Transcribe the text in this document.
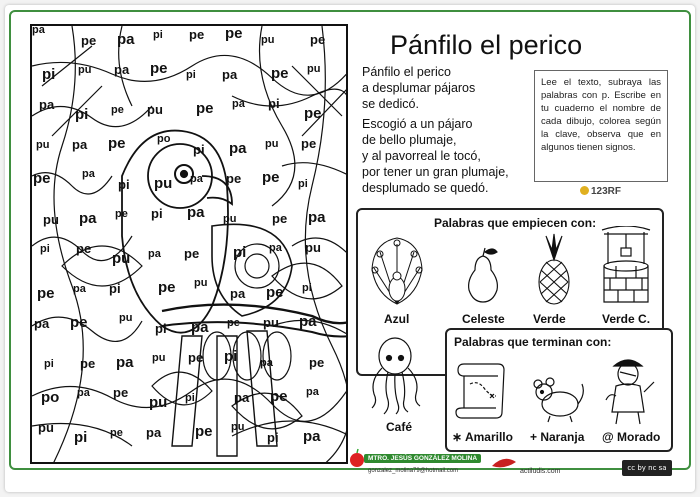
pa
pe pa pi pe pe pu	pe
pi pu pa pe pi pa pe pu
pa
pi pe pu pe pa pi
pe
pu pa pe	po
pi pa pu pe
pe	pa
pi pu pa pe pe pi
pu pa pe pi pa pu	pe pa
pi pe
pu pa pe pi pa pu
pe pa pi pe pu
pa pe pi
pa pe	pu
pi pa pe pu pa
pi pe pa pu pe pi pa	pe
po pa pe
pu pi	pa pe pa
pu
pi pe pa pe pu
pi pa
Pánfilo el perico
Pánfilo el perico
a desplumar pájaros
se dedicó.
Escogió a un pájaro
de bello plumaje,
y al pavorreal le tocó,
por tener un gran plumaje,
desplumado se quedó.
Lee el texto, subraya las palabras con p. Escribe en tu cuaderno el nombre de cada dibujo, colorea según la clave, observa que en algunos tienen signos.
123RF
Palabras que empiecen con:
Azul	Celeste Verde	Verde C.
Café
Palabras que terminan con:
∗ Amarillo + Naranja @ Morado
MTRO. JESÚS GONZÁLEZ MOLINA
gonzalez_molina79@hotmail.com	actiludis.com	cc by nc sa
